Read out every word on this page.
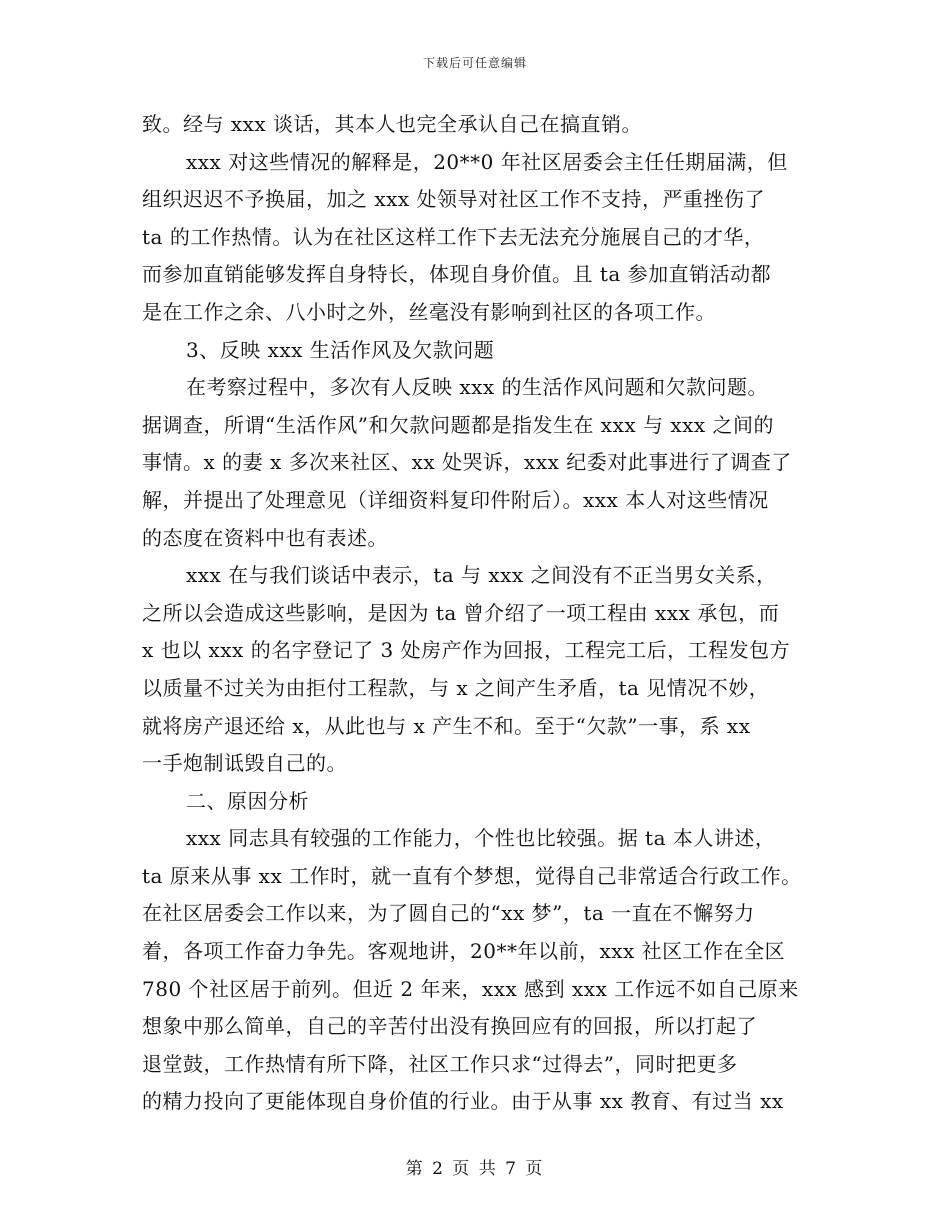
下载后可任意编辑
致。经与 xxx 谈话，其本人也完全承认自己在搞直销。
xxx 对这些情况的解释是，20**0 年社区居委会主任任期届满，但
组织迟迟不予换届，加之 xxx 处领导对社区工作不支持，严重挫伤了
ta 的工作热情。认为在社区这样工作下去无法充分施展自己的才华，
而参加直销能够发挥自身特长，体现自身价值。且 ta 参加直销活动都
是在工作之余、八小时之外，丝毫没有影响到社区的各项工作。
3、反映 xxx 生活作风及欠款问题
在考察过程中，多次有人反映 xxx 的生活作风问题和欠款问题。
据调查，所谓“生活作风”和欠款问题都是指发生在 xxx 与 xxx 之间的
事情。x 的妻 x 多次来社区、xx 处哭诉，xxx 纪委对此事进行了调查了
解，并提出了处理意见（详细资料复印件附后）。xxx 本人对这些情况
的态度在资料中也有表述。
xxx 在与我们谈话中表示，ta 与 xxx 之间没有不正当男女关系，
之所以会造成这些影响，是因为 ta 曾介绍了一项工程由 xxx 承包，而
x 也以 xxx 的名字登记了 3 处房产作为回报，工程完工后，工程发包方
以质量不过关为由拒付工程款，与 x 之间产生矛盾，ta 见情况不妙，
就将房产退还给 x，从此也与 x 产生不和。至于“欠款”一事，系 xx
一手炮制诋毁自己的。
二、原因分析
xxx 同志具有较强的工作能力，个性也比较强。据 ta 本人讲述，
ta 原来从事 xx 工作时，就一直有个梦想，觉得自己非常适合行政工作。
在社区居委会工作以来，为了圆自己的“xx 梦”，ta 一直在不懈努力
着，各项工作奋力争先。客观地讲，20**年以前，xxx 社区工作在全区
780 个社区居于前列。但近 2 年来，xxx 感到 xxx 工作远不如自己原来
想象中那么简单，自己的辛苦付出没有换回应有的回报，所以打起了
退堂鼓，工作热情有所下降，社区工作只求“过得去”，同时把更多
的精力投向了更能体现自身价值的行业。由于从事 xx 教育、有过当 xx
第 2 页 共 7 页
